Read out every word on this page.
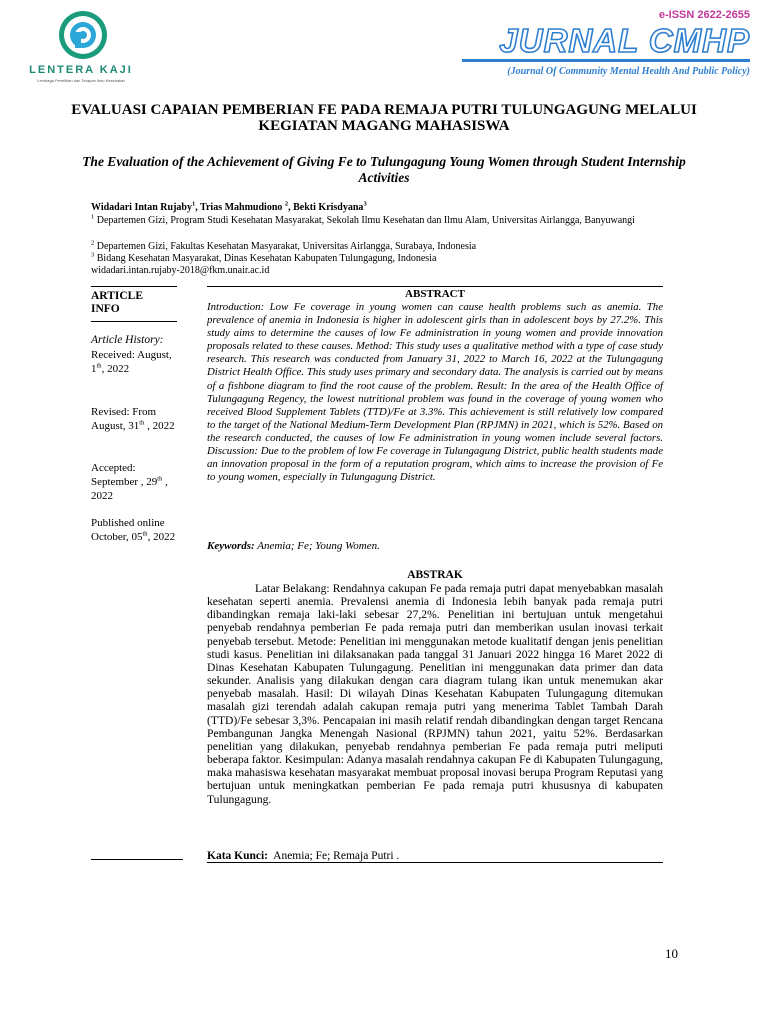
LENTERA KAJI
Lembaga Penelitian dan Terapan Ilmu Kesehatan
e-ISSN 2622-2655
JURNAL CMHP
(Journal Of Community Mental Health And Public Policy)
EVALUASI CAPAIAN PEMBERIAN FE PADA REMAJA PUTRI TULUNGAGUNG MELALUI KEGIATAN MAGANG MAHASISWA
The Evaluation of the Achievement of Giving Fe to Tulungagung Young Women through Student Internship Activities
Widadari Intan Rujaby$^1$, Trias Mahmudiono $^2$, Bekti Krisdyana$^3$
$^1$ Departemen Gizi, Program Studi Kesehatan Masyarakat, Sekolah Ilmu Kesehatan dan Ilmu Alam, Universitas Airlangga, Banyuwangi
$^2$ Departemen Gizi, Fakultas Kesehatan Masyarakat, Universitas Airlangga, Surabaya, Indonesia
$^3$ Bidang Kesehatan Masyarakat, Dinas Kesehatan Kabupaten Tulungagung, Indonesia
widadari.intan.rujaby-2018@fkm.unair.ac.id
ARTICLE INFO
Article History:
Received: August, 1th, 2022
Revised: From August, 31th , 2022
Accepted: September , 29th , 2022
Published online October, 05th, 2022
ABSTRACT
Introduction: Low Fe coverage in young women can cause health problems such as anemia. The prevalence of anemia in Indonesia is higher in adolescent girls than in adolescent boys by 27.2%. This study aims to determine the causes of low Fe administration in young women and provide innovation proposals related to these causes. Method: This study uses a qualitative method with a type of case study research. This research was conducted from January 31, 2022 to March 16, 2022 at the Tulungagung District Health Office. This study uses primary and secondary data. The analysis is carried out by means of a fishbone diagram to find the root cause of the problem. Result: In the area of the Health Office of Tulungagung Regency, the lowest nutritional problem was found in the coverage of young women who received Blood Supplement Tablets (TTD)/Fe at 3.3%. This achievement is still relatively low compared to the target of the National Medium-Term Development Plan (RPJMN) in 2021, which is 52%. Based on the research conducted, the causes of low Fe administration in young women include several factors. Discussion: Due to the problem of low Fe coverage in Tulungagung District, public health students made an innovation proposal in the form of a reputation program, which aims to increase the provision of Fe to young women, especially in Tulungagung District.
Keywords: Anemia; Fe; Young Women.
ABSTRAK
Latar Belakang: Rendahnya cakupan Fe pada remaja putri dapat menyebabkan masalah kesehatan seperti anemia. Prevalensi anemia di Indonesia lebih banyak pada remaja putri dibandingkan remaja laki-laki sebesar 27,2%. Penelitian ini bertujuan untuk mengetahui penyebab rendahnya pemberian Fe pada remaja putri dan memberikan usulan inovasi terkait penyebab tersebut. Metode: Penelitian ini menggunakan metode kualitatif dengan jenis penelitian studi kasus. Penelitian ini dilaksanakan pada tanggal 31 Januari 2022 hingga 16 Maret 2022 di Dinas Kesehatan Kabupaten Tulungagung. Penelitian ini menggunakan data primer dan data sekunder. Analisis yang dilakukan dengan cara diagram tulang ikan untuk menemukan akar penyebab masalah. Hasil: Di wilayah Dinas Kesehatan Kabupaten Tulungagung ditemukan masalah gizi terendah adalah cakupan remaja putri yang menerima Tablet Tambah Darah (TTD)/Fe sebesar 3,3%. Pencapaian ini masih relatif rendah dibandingkan dengan target Rencana Pembangunan Jangka Menengah Nasional (RPJMN) tahun 2021, yaitu 52%. Berdasarkan penelitian yang dilakukan, penyebab rendahnya pemberian Fe pada remaja putri meliputi beberapa faktor. Kesimpulan: Adanya masalah rendahnya cakupan Fe di Kabupaten Tulungagung, maka mahasiswa kesehatan masyarakat membuat proposal inovasi berupa Program Reputasi yang bertujuan untuk meningkatkan pemberian Fe pada remaja putri khususnya di kabupaten Tulungagung.
Kata Kunci: Anemia; Fe; Remaja Putri .
10
